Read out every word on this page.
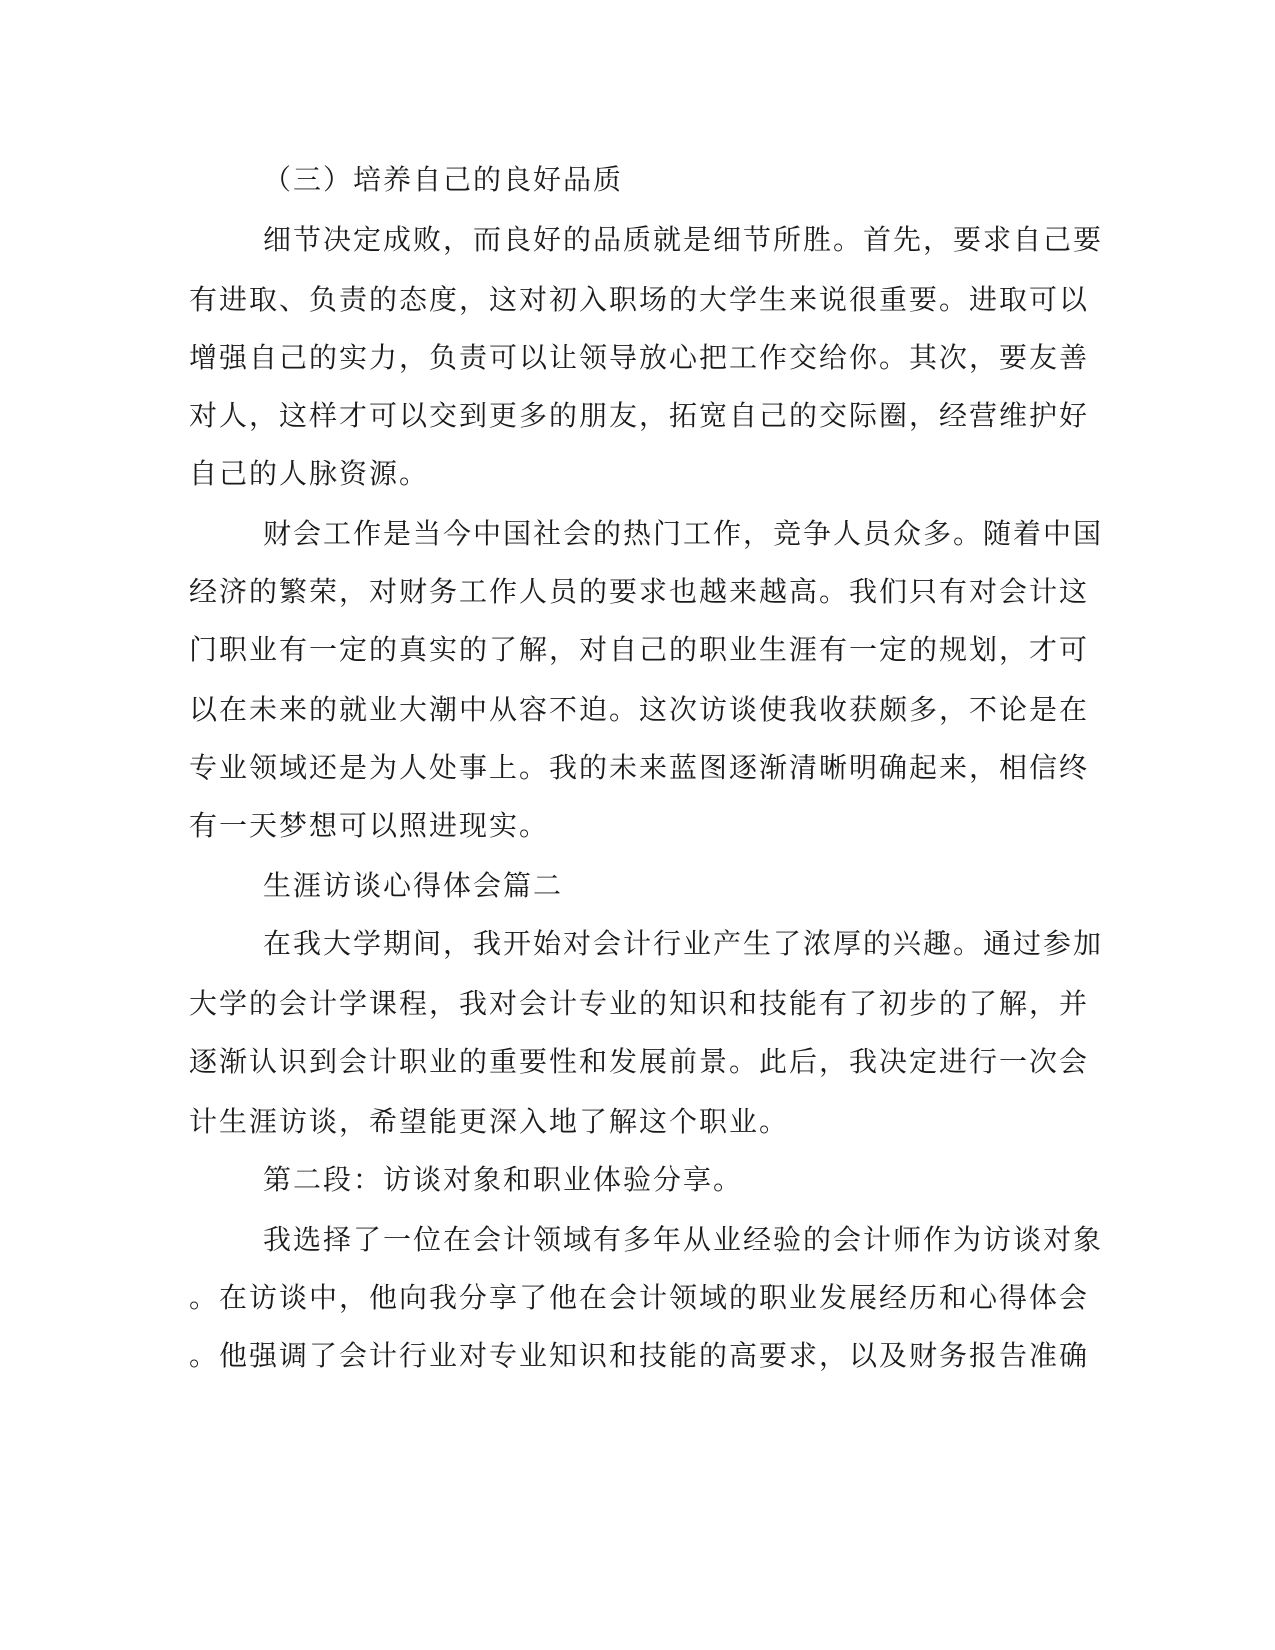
（三）培养自己的良好品质
细节决定成败，而良好的品质就是细节所胜。首先，要求自己要
有进取、负责的态度，这对初入职场的大学生来说很重要。进取可以
增强自己的实力，负责可以让领导放心把工作交给你。其次，要友善
对人，这样才可以交到更多的朋友，拓宽自己的交际圈，经营维护好
自己的人脉资源。
财会工作是当今中国社会的热门工作，竞争人员众多。随着中国
经济的繁荣，对财务工作人员的要求也越来越高。我们只有对会计这
门职业有一定的真实的了解，对自己的职业生涯有一定的规划，才可
以在未来的就业大潮中从容不迫。这次访谈使我收获颇多，不论是在
专业领域还是为人处事上。我的未来蓝图逐渐清晰明确起来，相信终
有一天梦想可以照进现实。
生涯访谈心得体会篇二
在我大学期间，我开始对会计行业产生了浓厚的兴趣。通过参加
大学的会计学课程，我对会计专业的知识和技能有了初步的了解，并
逐渐认识到会计职业的重要性和发展前景。此后，我决定进行一次会
计生涯访谈，希望能更深入地了解这个职业。
第二段：访谈对象和职业体验分享。
我选择了一位在会计领域有多年从业经验的会计师作为访谈对象
。在访谈中，他向我分享了他在会计领域的职业发展经历和心得体会
。他强调了会计行业对专业知识和技能的高要求，以及财务报告准确
